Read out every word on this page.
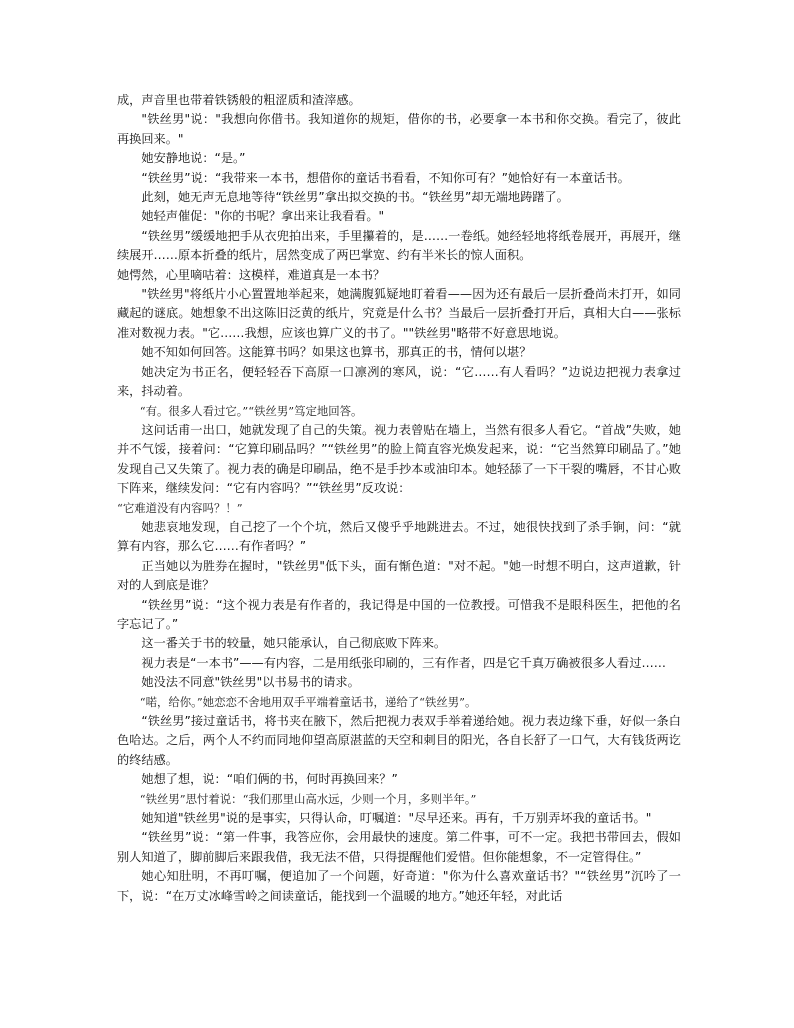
成，声音里也带着铁锈般的粗涩质和渣滓感。

"铁丝男"说："我想向你借书。我知道你的规矩，借你的书，必要拿一本书和你交换。看完了，彼此再换回来。"

她安静地说：“是。”

“铁丝男”说：“我带来一本书，想借你的童话书看看，不知你可有？”她恰好有一本童话书。

此刻，她无声无息地等待“铁丝男”拿出拟交换的书。“铁丝男”却无端地踌躇了。

她轻声催促："你的书呢？拿出来让我看看。"

“铁丝男”缓缓地把手从衣兜拍出来，手里攥着的，是……一卷纸。她经轻地将纸卷展开，再展开，继续展开……原本折叠的纸片，居然变成了两巴掌宽、约有半米长的惊人面积。

她愕然，心里嘀咕着：这模样，难道真是一本书？

"铁丝男"将纸片小心置置地举起来，她满腹狐疑地盯着看——因为还有最后一层折叠尚未打开，如同藏起的谜底。她想象不出这陈旧泛黄的纸片，究竟是什么书？当最后一层折叠打开后，真相大白——张标准对数视力表。"它……我想，应该也算广义的书了。""铁丝男"略带不好意思地说。

她不知如何回答。这能算书吗？如果这也算书，那真正的书，情何以堪？

她决定为书正名，便轻轻吞下高原一口凛冽的寒风，说：“它……有人看吗？”边说边把视力表拿过来，抖动着。

“有。很多人看过它。”“铁丝男”笃定地回答。

这问话甫一出口，她就发现了自己的失策。视力表曾贴在墙上，当然有很多人看它。“首战”失败，她并不气馁，接着问：“它算印刷品吗？”“铁丝男”的脸上简直容光焕发起来，说：“它当然算印刷品了。”她发现自己又失策了。视力表的确是印刷品，绝不是手抄本或油印本。她轻舔了一下干裂的嘴唇，不甘心败下阵来，继续发问：“它有内容吗？”“铁丝男”反攻说：

“它难道没有内容吗？！”

她悲哀地发现，自己挖了一个个坑，然后又傻乎乎地跳进去。不过，她很快找到了杀手锏，问：“就算有内容，那么它……有作者吗？”

正当她以为胜券在握时，"铁丝男"低下头，面有惭色道："对不起。"她一时想不明白，这声道歉，针对的人到底是谁？

“铁丝男”说：“这个视力表是有作者的，我记得是中国的一位教授。可惜我不是眼科医生，把他的名字忘记了。”

这一番关于书的较量，她只能承认，自己彻底败下阵来。

视力表是“一本书”——有内容，二是用纸张印刷的，三有作者，四是它千真万确被很多人看过……

她没法不同意"铁丝男"以书易书的请求。

“喏，给你。”她恋恋不舍地用双手平端着童话书，递给了“铁丝男”。

“铁丝男”接过童话书，将书夹在腋下，然后把视力表双手举着递给她。视力表边缘下垂，好似一条白色哈达。之后，两个人不约而同地仰望高原湛蓝的天空和刺目的阳光，各自长舒了一口气，大有钱货两讫的终结感。

她想了想，说：“咱们俩的书，何时再换回来？”

“铁丝男”思忖着说：“我们那里山高水远，少则一个月，多则半年。”

她知道"铁丝男"说的是事实，只得认命，叮嘱道："尽早还来。再有，千万别弄坏我的童话书。"

“铁丝男”说：“第一件事，我答应你，会用最快的速度。第二件事，可不一定。我把书带回去，假如别人知道了，脚前脚后来跟我借，我无法不借，只得提醒他们爱惜。但你能想象，不一定管得住。”

她心知肚明，不再叮嘱，便追加了一个问题，好奇道："你为什么喜欢童话书？"“铁丝男”沉吟了一下，说：“在万丈冰峰雪岭之间读童话，能找到一个温暖的地方。”她还年轻，对此话
